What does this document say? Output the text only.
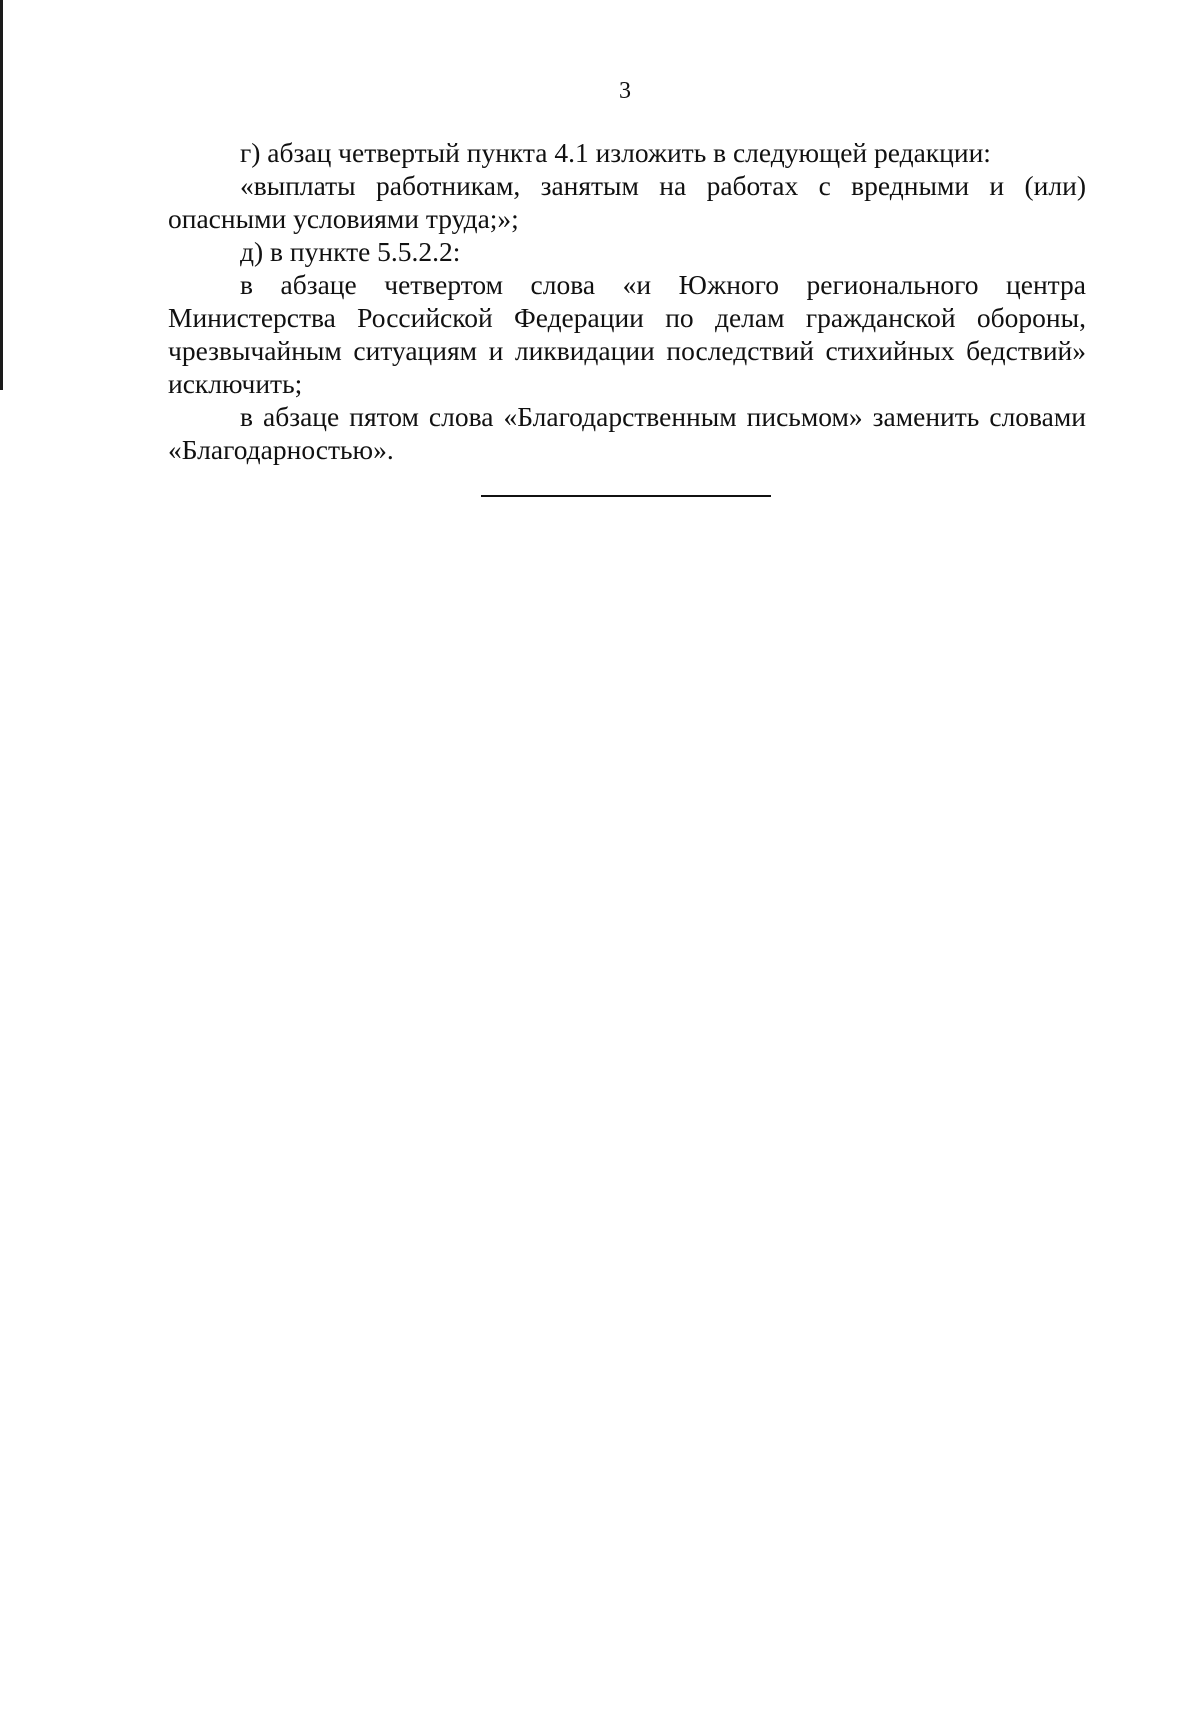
3

г) абзац четвертый пункта 4.1 изложить в следующей редакции:

«выплаты работникам, занятым на работах с вредными и (или) опасными условиями труда;»;

д) в пункте 5.5.2.2:

в абзаце четвертом слова «и Южного регионального центра Министерства Российской Федерации по делам гражданской обороны, чрезвычайным ситуациям и ликвидации последствий стихийных бедствий» исключить;

в абзаце пятом слова «Благодарственным письмом» заменить словами «Благодарностью».
